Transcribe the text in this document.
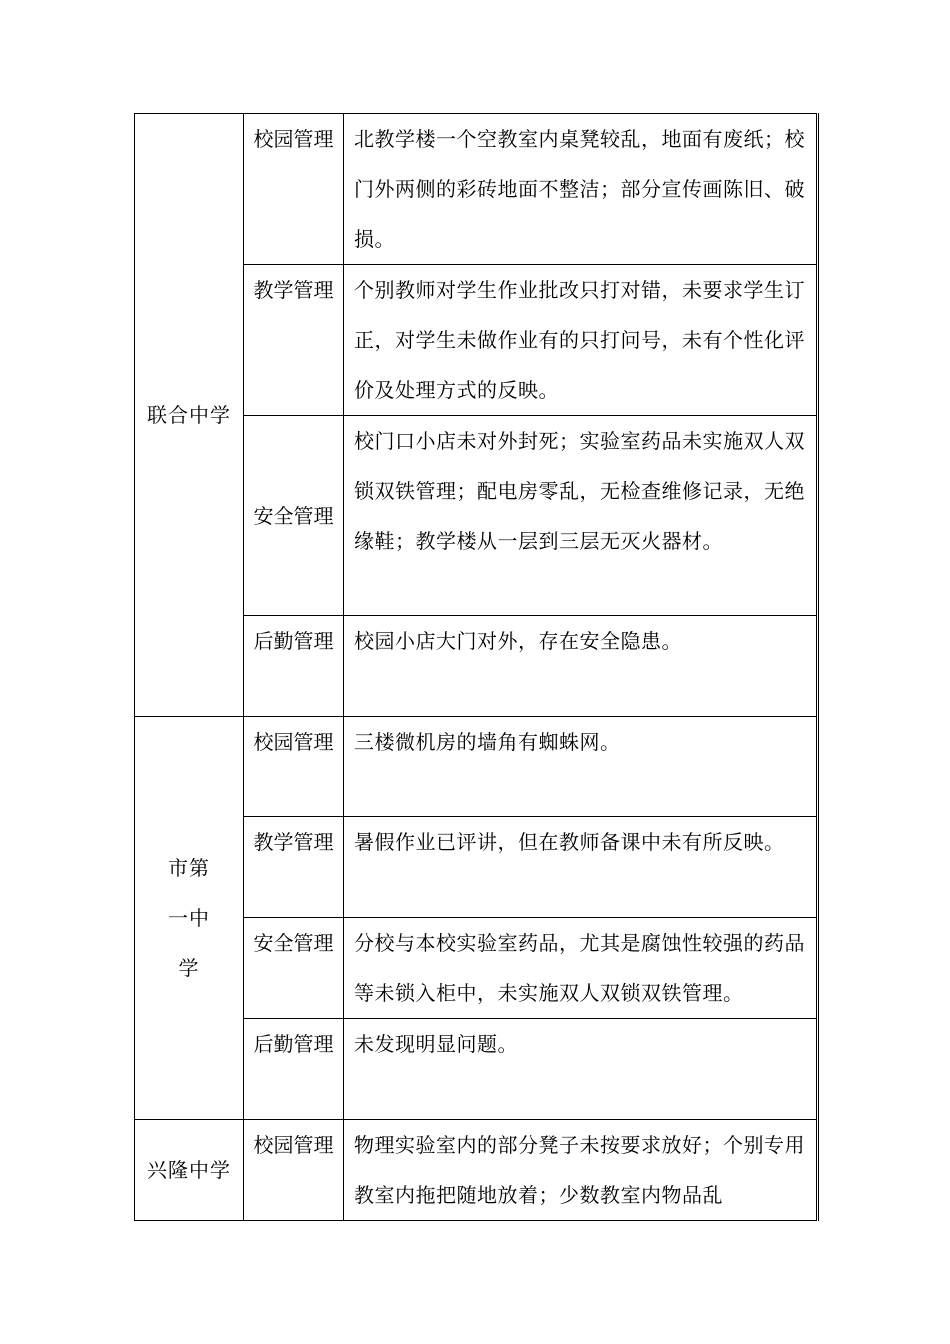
联合中学	校园管理	北教学楼一个空教室内桌凳较乱，地面有废纸；校门外两侧的彩砖地面不整洁；部分宣传画陈旧、破损。
	教学管理	个别教师对学生作业批改只打对错，未要求学生订正，对学生未做作业有的只打问号，未有个性化评价及处理方式的反映。
	安全管理	校门口小店未对外封死；实验室药品未实施双人双锁双铁管理；配电房零乱，无检查维修记录，无绝缘鞋；教学楼从一层到三层无灭火器材。
	后勤管理	校园小店大门对外，存在安全隐患。
市第一中学	校园管理	三楼微机房的墙角有蜘蛛网。
	教学管理	暑假作业已评讲，但在教师备课中未有所反映。
	安全管理	分校与本校实验室药品，尤其是腐蚀性较强的药品等未锁入柜中，未实施双人双锁双铁管理。
	后勤管理	未发现明显问题。
兴隆中学	校园管理	物理实验室内的部分凳子未按要求放好；个别专用教室内拖把随地放着；少数教室内物品乱
